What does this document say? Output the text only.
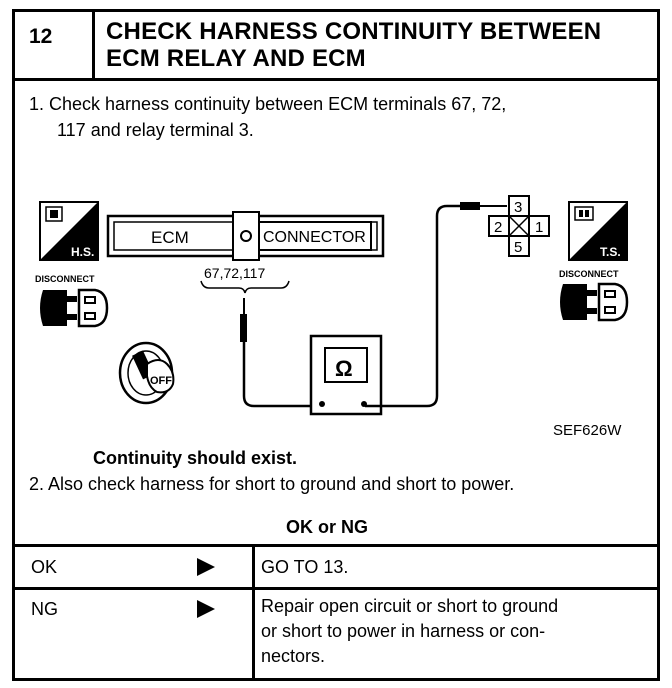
12	CHECK HARNESS CONTINUITY BETWEEN
ECM RELAY AND ECM
1. Check harness continuity between ECM terminals 67, 72,
117 and relay terminal 3.
H.S.
DISCONNECT
ECM	CONNECTOR
67,72,117
Ω
3
2 1
5	T.S.
DISCONNECT
OFF
SEF626W
Continuity should exist.
2. Also check harness for short to ground and short to power.
OK or NG
OK	GO TO 13.
NG	Repair open circuit or short to ground
or short to power in harness or con-
nectors.
